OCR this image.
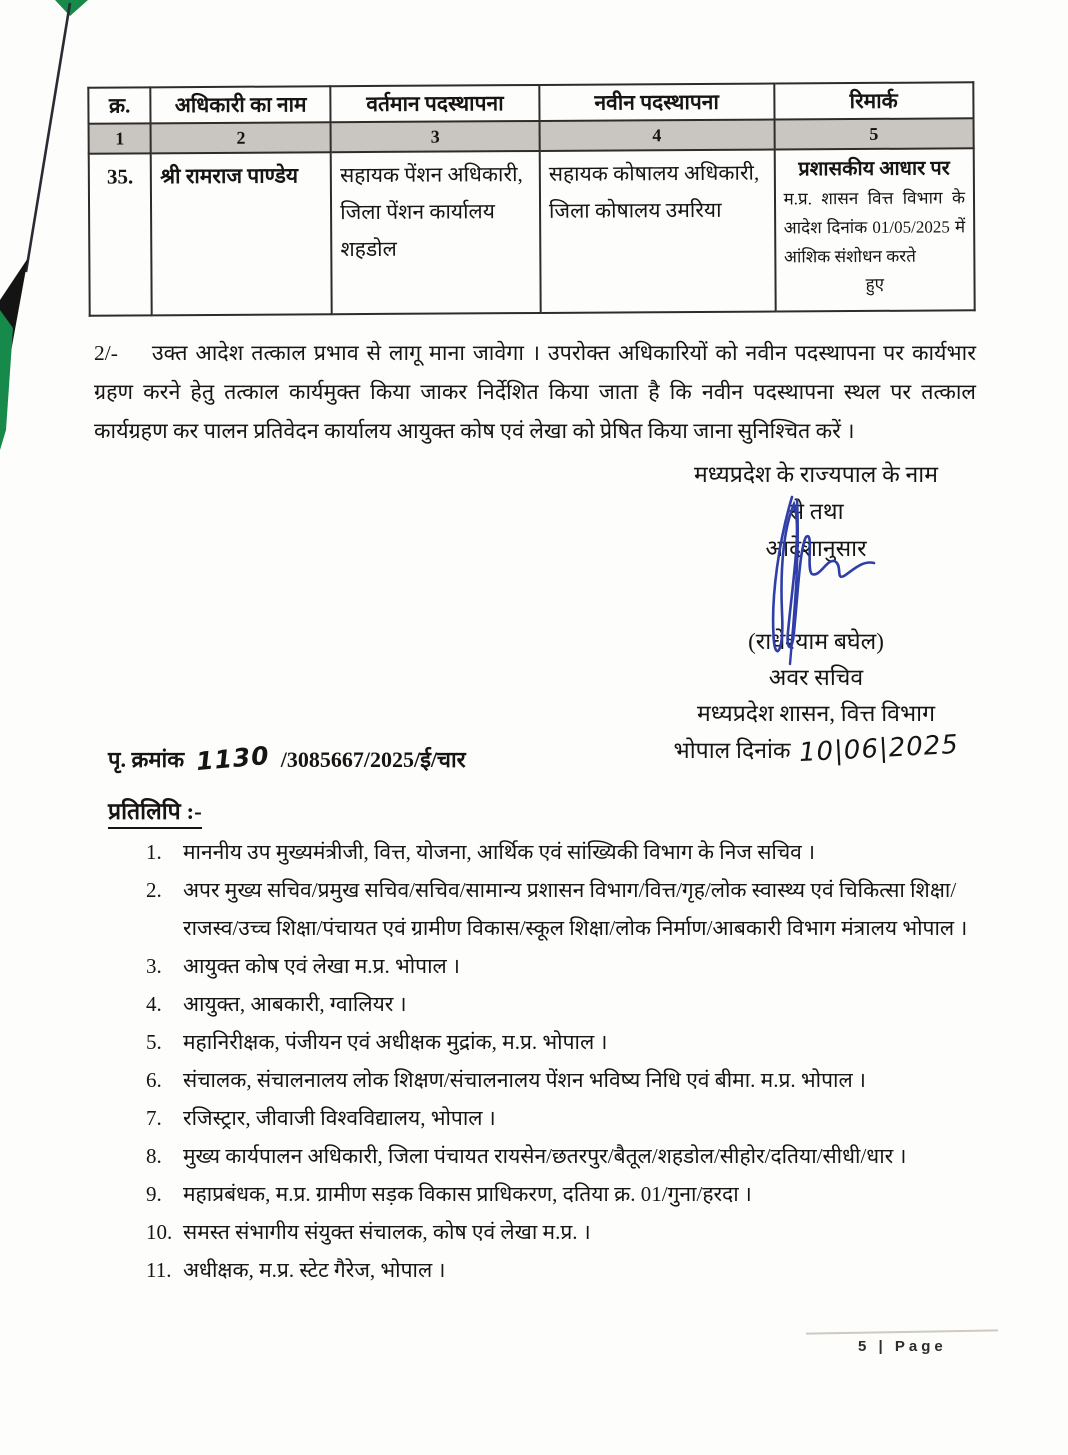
क्र.	अधिकारी का नाम	वर्तमान पदस्थापना	नवीन पदस्थापना	रिमार्क
1	2	3	4	5
35.	श्री रामराज पाण्डेय	सहायक पेंशन अधिकारी, जिला पेंशन कार्यालय शहडोल	सहायक कोषालय अधिकारी, जिला कोषालय उमरिया	प्रशासकीय आधार पर
म.प्र. शासन वित्त विभाग के आदेश दिनांक 01/05/2025 में आंशिक संशोधन करते
हुए
2/- उक्त आदेश तत्काल प्रभाव से लागू माना जावेगा । उपरोक्त अधिकारियों को नवीन पदस्थापना पर कार्यभार ग्रहण करने हेतु तत्काल कार्यमुक्त किया जाकर निर्देशित किया जाता है कि नवीन पदस्थापना स्थल पर तत्काल कार्यग्रहण कर पालन प्रतिवेदन कार्यालय आयुक्त कोष एवं लेखा को प्रेषित किया जाना सुनिश्चित करें ।
मध्यप्रदेश के राज्यपाल के नाम
से तथा
आदेशानुसार
(राधेश्याम बघेल)
अवर सचिव
मध्यप्रदेश शासन, वित्त विभाग
भोपाल दिनांक 10|06|2025
पृ. क्रमांक 1130 /3085667/2025/ई/चार
प्रतिलिपि :-
1.	माननीय उप मुख्यमंत्रीजी, वित्त, योजना, आर्थिक एवं सांख्यिकी विभाग के निज सचिव ।
2.	अपर मुख्य सचिव/प्रमुख सचिव/सचिव/सामान्य प्रशासन विभाग/वित्त/गृह/लोक स्वास्थ्य एवं चिकित्सा शिक्षा/राजस्व/उच्च शिक्षा/पंचायत एवं ग्रामीण विकास/स्कूल शिक्षा/लोक निर्माण/आबकारी विभाग मंत्रालय भोपाल ।
3.	आयुक्त कोष एवं लेखा म.प्र. भोपाल ।
4.	आयुक्त, आबकारी, ग्वालियर ।
5.	महानिरीक्षक, पंजीयन एवं अधीक्षक मुद्रांक, म.प्र. भोपाल ।
6.	संचालक, संचालनालय लोक शिक्षण/संचालनालय पेंशन भविष्य निधि एवं बीमा. म.प्र. भोपाल ।
7.	रजिस्ट्रार, जीवाजी विश्वविद्यालय, भोपाल ।
8.	मुख्य कार्यपालन अधिकारी, जिला पंचायत रायसेन/छतरपुर/बैतूल/शहडोल/सीहोर/दतिया/सीधी/धार ।
9.	महाप्रबंधक, म.प्र. ग्रामीण सड़क विकास प्राधिकरण, दतिया क्र. 01/गुना/हरदा ।
10. समस्त संभागीय संयुक्त संचालक, कोष एवं लेखा म.प्र. ।
11. अधीक्षक, म.प्र. स्टेट गैरेज, भोपाल ।
5 | Page
